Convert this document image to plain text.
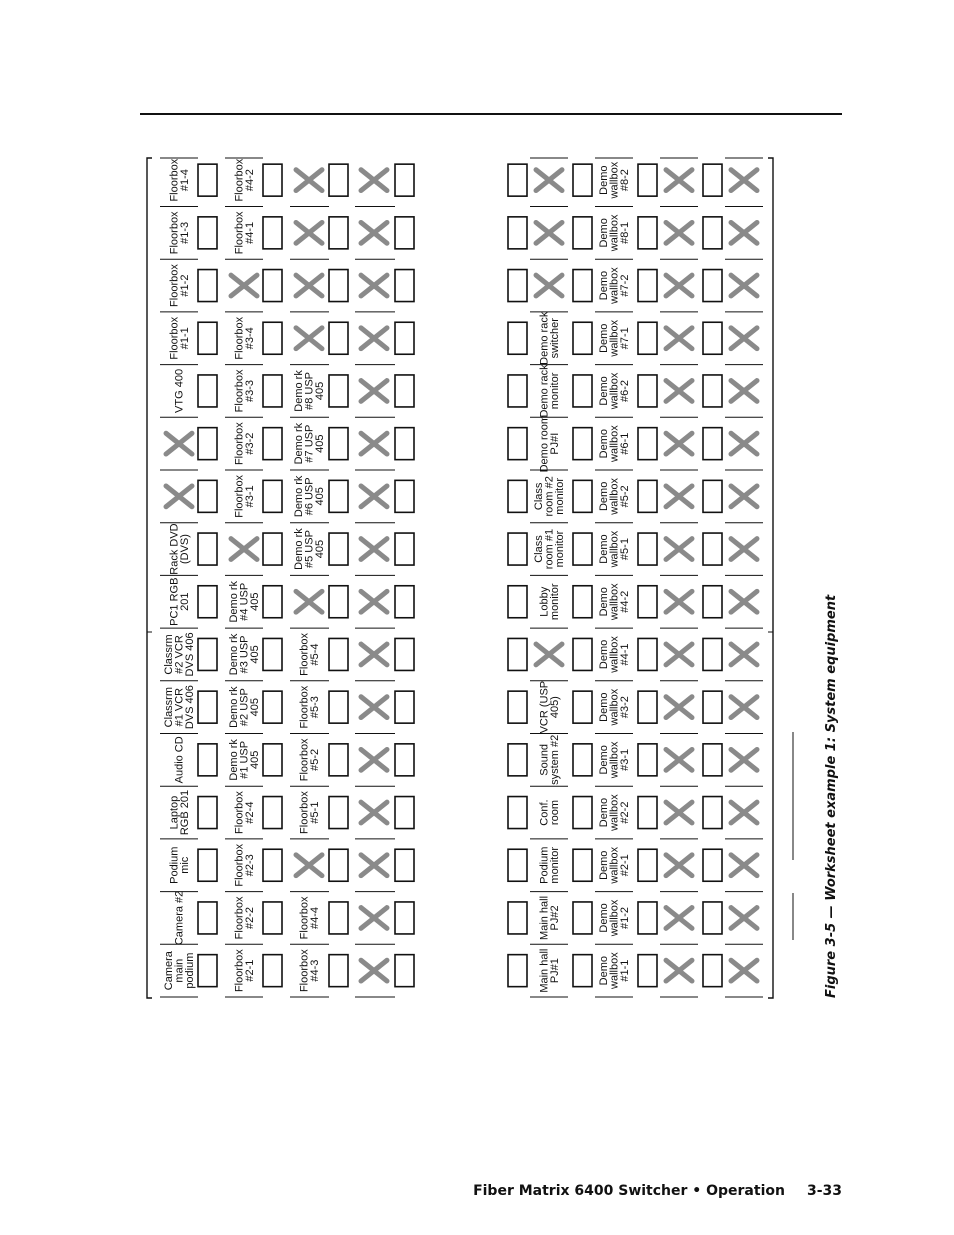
Camera
main
podium
Camera #2
Podium
mic
Laptop
RGB 201
Audio CD
Classrm
#1 VCR
DVS 406
Classrm
#2 VCR
DVS 406
PC1 RGB
201
Rack DVD
(DVS)
VTG 400
Floorbox
#1-1
Floorbox
#1-2
Floorbox
#1-3
Floorbox
#1-4
Floorbox
#2-1
Floorbox
#2-2
Floorbox
#2-3
Floorbox
#2-4
Demo rk
#1 USP
405
Demo rk
#2 USP
405
Demo rk
#3 USP
405
Demo rk
#4 USP
405
Floorbox
#3-1
Floorbox
#3-2
Floorbox
#3-3
Floorbox
#3-4
Floorbox
#4-1
Floorbox
#4-2
Floorbox
#4-3
Floorbox
#4-4
Floorbox
#5-1
Floorbox
#5-2
Floorbox
#5-3
Floorbox
#5-4
Demo rk
#5 USP
405
Demo rk
#6 USP
405
Demo rk
#7 USP
405
Demo rk
#8 USP
405
Main hall
PJ#1
Main hall
PJ#2
Podium
monitor
Conf.
room
Sound
system #2
VCR (USP
405)
Lobby
monitor
Class
room #1
monitor
Class
room #2
monitor
Demo room
PJ#I
Demo rack
monitor
Demo rack
switcher
Demo
wallbox
#1-1
Demo
wallbox
#1-2
Demo
wallbox
#2-1
Demo
wallbox
#2-2
Demo
wallbox
#3-1
Demo
wallbox
#3-2
Demo
wallbox
#4-1
Demo
wallbox
#4-2
Demo
wallbox
#5-1
Demo
wallbox
#5-2
Demo
wallbox
#6-1
Demo
wallbox
#6-2
Demo
wallbox
#7-1
Demo
wallbox
#7-2
Demo
wallbox
#8-1
Demo
wallbox
#8-2
Figure 3-5 — Worksheet example 1: System equipment
Fiber Matrix 6400 Switcher • Operation 3-33
